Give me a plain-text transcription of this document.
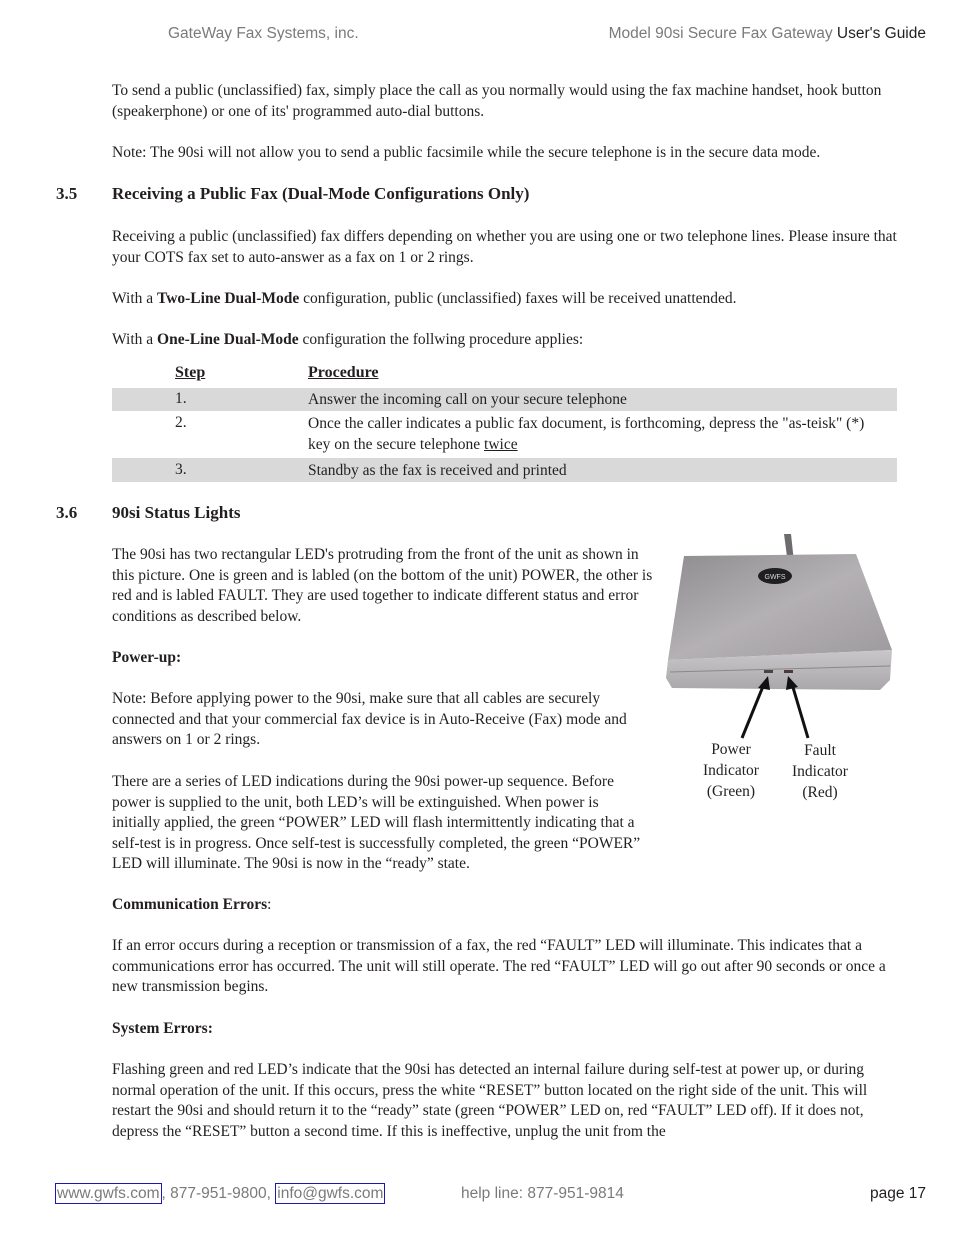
GateWay Fax Systems, inc.	Model 90si Secure Fax Gateway User's Guide

To send a public (unclassified) fax, simply place the call as you normally would using the fax machine handset, hook button (speakerphone) or one of its' programmed auto-dial buttons.

Note: The 90si will not allow you to send a public facsimile while the secure telephone is in the secure data mode.

3.5 Receiving a Public Fax (Dual-Mode Configurations Only)

Receiving a public (unclassified) fax differs depending on whether you are using one or two telephone lines. Please insure that your COTS fax set to auto-answer as a fax on 1 or 2 rings.

With a Two-Line Dual-Mode configuration, public (unclassified) faxes will be received unattended.

With a One-Line Dual-Mode configuration the follwing procedure applies:

Step	Procedure
1.	Answer the incoming call on your secure telephone
2.	Once the caller indicates a public fax document, is forthcoming, depress the "as-teisk" (*) key on the secure telephone twice
3.	Standby as the fax is received and printed
3.6 90si Status Lights

The 90si has two rectangular LED's protruding from the front of the unit as shown in this picture. One is green and is labled (on the bottom of the unit) POWER, the other is red and is labled FAULT. They are used together to indicate different status and error conditions as described below.

Power-up:

Note: Before applying power to the 90si, make sure that all cables are securely connected and that your commercial fax device is in Auto-Receive (Fax) mode and answers on 1 or 2 rings.

GWFS
Power
Indicator
(Green)
Fault
Indicator
(Red)

There are a series of LED indications during the 90si power-up sequence. Before power is supplied to the unit, both LED’s will be extinguished. When power is initially applied, the green “POWER” LED will flash intermittently indicating that a self-test is in progress. Once self-test is successfully completed, the green “POWER” LED will illuminate. The 90si is now in the “ready” state.

Communication Errors:

If an error occurs during a reception or transmission of a fax, the red “FAULT” LED will illuminate. This indicates that a communications error has occurred. The unit will still operate. The red “FAULT” LED will go out after 90 seconds or once a new transmission begins.

System Errors:

Flashing green and red LED’s indicate that the 90si has detected an internal failure during self-test at power up, or during normal operation of the unit. If this occurs, press the white “RESET” button located on the right side of the unit. This will restart the 90si and should return it to the “ready” state (green “POWER” LED on, red “FAULT” LED off). If it does not, depress the “RESET” button a second time. If this is ineffective, unplug the unit from the

www.gwfs.com , 877-951-9800, info@gwfs.com	help line: 877-951-9814	page 17
